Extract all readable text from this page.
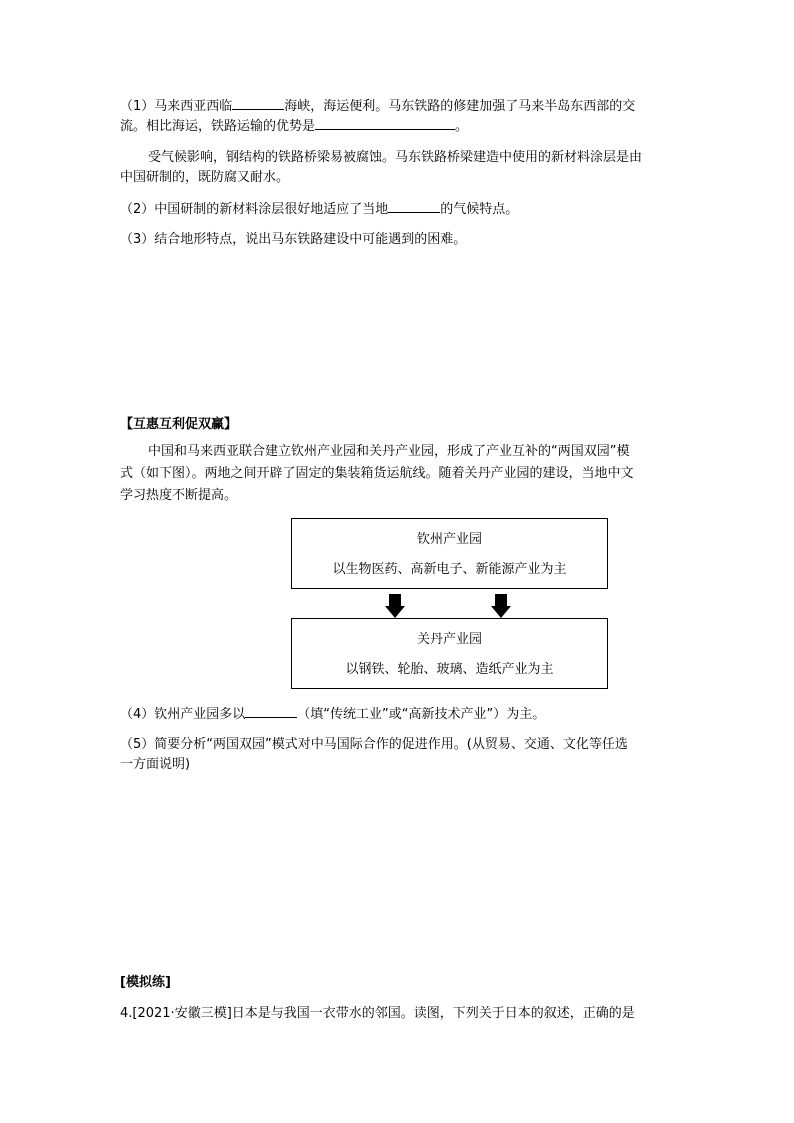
（1）马来西亚西临	海峡，海运便利。马东铁路的修建加强了马来半岛东西部的交
流。相比海运，铁路运输的优势是	。
受气候影响，钢结构的铁路桥梁易被腐蚀。马东铁路桥梁建造中使用的新材料涂层是由
中国研制的，既防腐又耐水。
（2）中国研制的新材料涂层很好地适应了当地	的气候特点。
（3）结合地形特点，说出马东铁路建设中可能遇到的困难。
【互惠互利促双赢】
中国和马来西亚联合建立钦州产业园和关丹产业园，形成了产业互补的“两国双园”模
式（如下图）。两地之间开辟了固定的集装箱货运航线。随着关丹产业园的建设，当地中文
学习热度不断提高。
钦州产业园
以生物医药、高新电子、新能源产业为主
关丹产业园
以钢铁、轮胎、玻璃、造纸产业为主
（4）钦州产业园多以	（填“传统工业”或“高新技术产业”）为主。
（5）简要分析“两国双园”模式对中马国际合作的促进作用。(从贸易、交通、文化等任选
一方面说明)
[模拟练]
4.[2021·安徽三模]日本是与我国一衣带水的邻国。读图，下列关于日本的叙述，正确的是
